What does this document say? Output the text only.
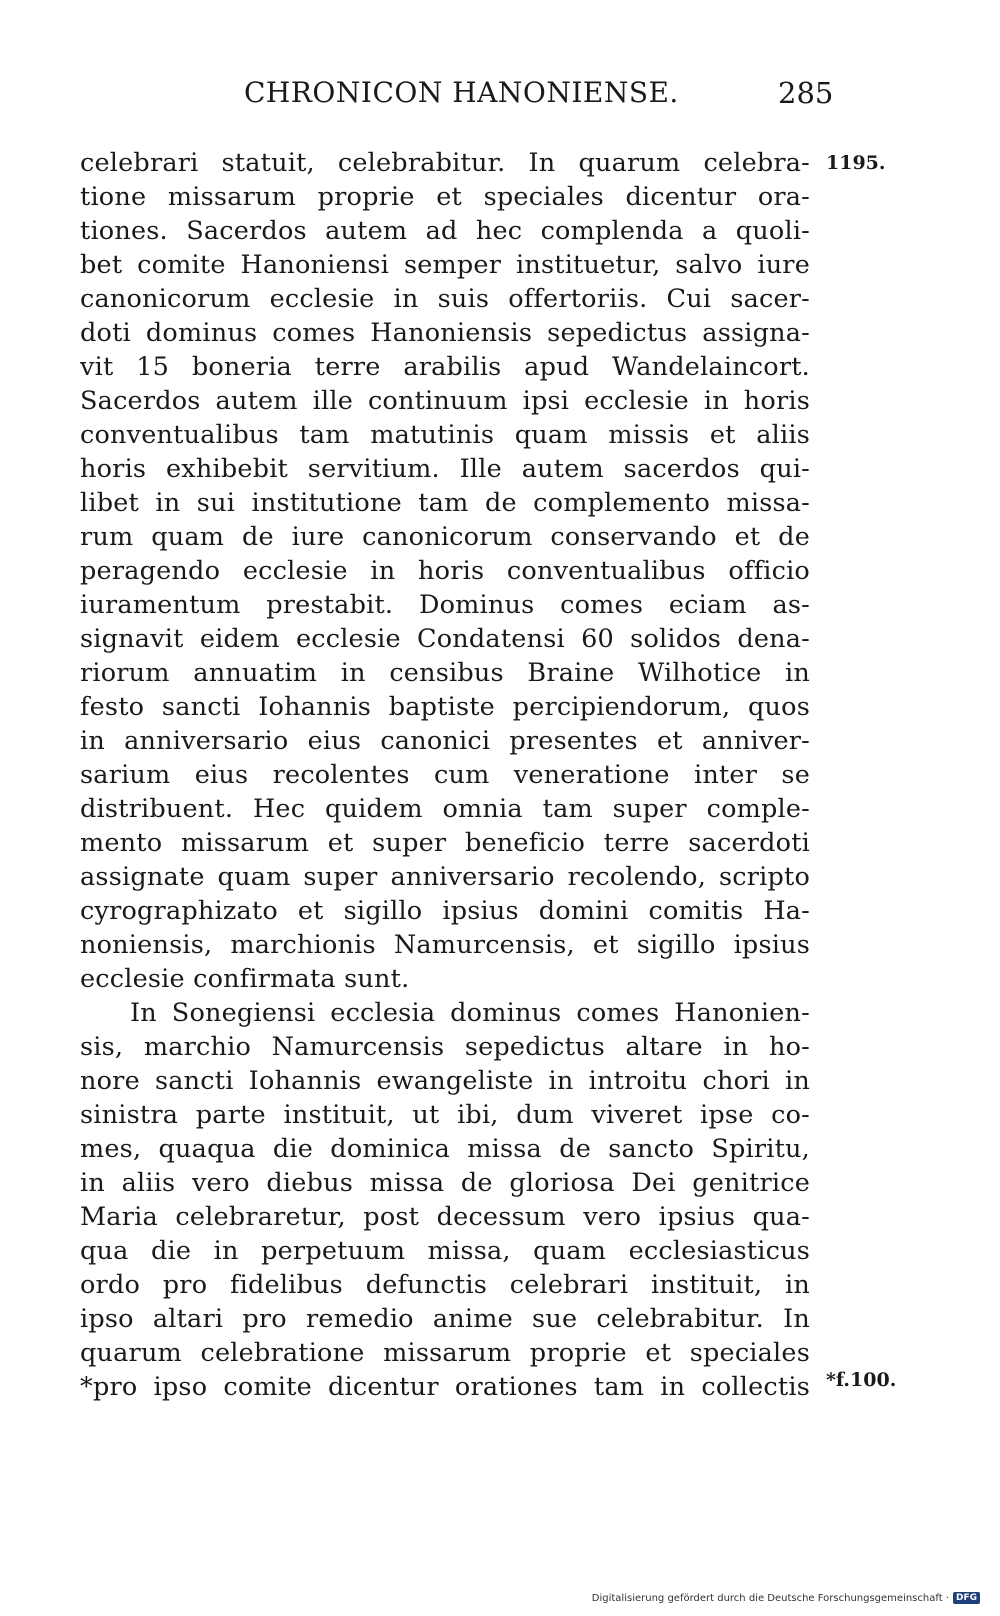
CHRONICON HANONIENSE.	285
1195.
*f.100.
celebrari statuit, celebrabitur. In quarum celebra-
tione missarum proprie et speciales dicentur ora-
tiones. Sacerdos autem ad hec complenda a quoli-
bet comite Hanoniensi semper instituetur, salvo iure
canonicorum ecclesie in suis offertoriis. Cui sacer-
doti dominus comes Hanoniensis sepedictus assigna-
vit 15 boneria terre arabilis apud Wandelaincort.
Sacerdos autem ille continuum ipsi ecclesie in horis
conventualibus tam matutinis quam missis et aliis
horis exhibebit servitium. Ille autem sacerdos qui-
libet in sui institutione tam de complemento missa-
rum quam de iure canonicorum conservando et de
peragendo ecclesie in horis conventualibus officio
iuramentum prestabit. Dominus comes eciam as-
signavit eidem ecclesie Condatensi 60 solidos dena-
riorum annuatim in censibus Braine Wilhotice in
festo sancti Iohannis baptiste percipiendorum, quos
in anniversario eius canonici presentes et anniver-
sarium eius recolentes cum veneratione inter se
distribuent. Hec quidem omnia tam super comple-
mento missarum et super beneficio terre sacerdoti
assignate quam super anniversario recolendo, scripto
cyrographizato et sigillo ipsius domini comitis Ha-
noniensis, marchionis Namurcensis, et sigillo ipsius
ecclesie confirmata sunt.
In Sonegiensi ecclesia dominus comes Hanonien-
sis, marchio Namurcensis sepedictus altare in ho-
nore sancti Iohannis ewangeliste in introitu chori in
sinistra parte instituit, ut ibi, dum viveret ipse co-
mes, quaqua die dominica missa de sancto Spiritu,
in aliis vero diebus missa de gloriosa Dei genitrice
Maria celebraretur, post decessum vero ipsius qua-
qua die in perpetuum missa, quam ecclesiasticus
ordo pro fidelibus defunctis celebrari instituit, in
ipso altari pro remedio anime sue celebrabitur. In
quarum celebratione missarum proprie et speciales
*pro ipso comite dicentur orationes tam in collectis
Digitalisierung gefördert durch die Deutsche Forschungsgemeinschaft · DFG
